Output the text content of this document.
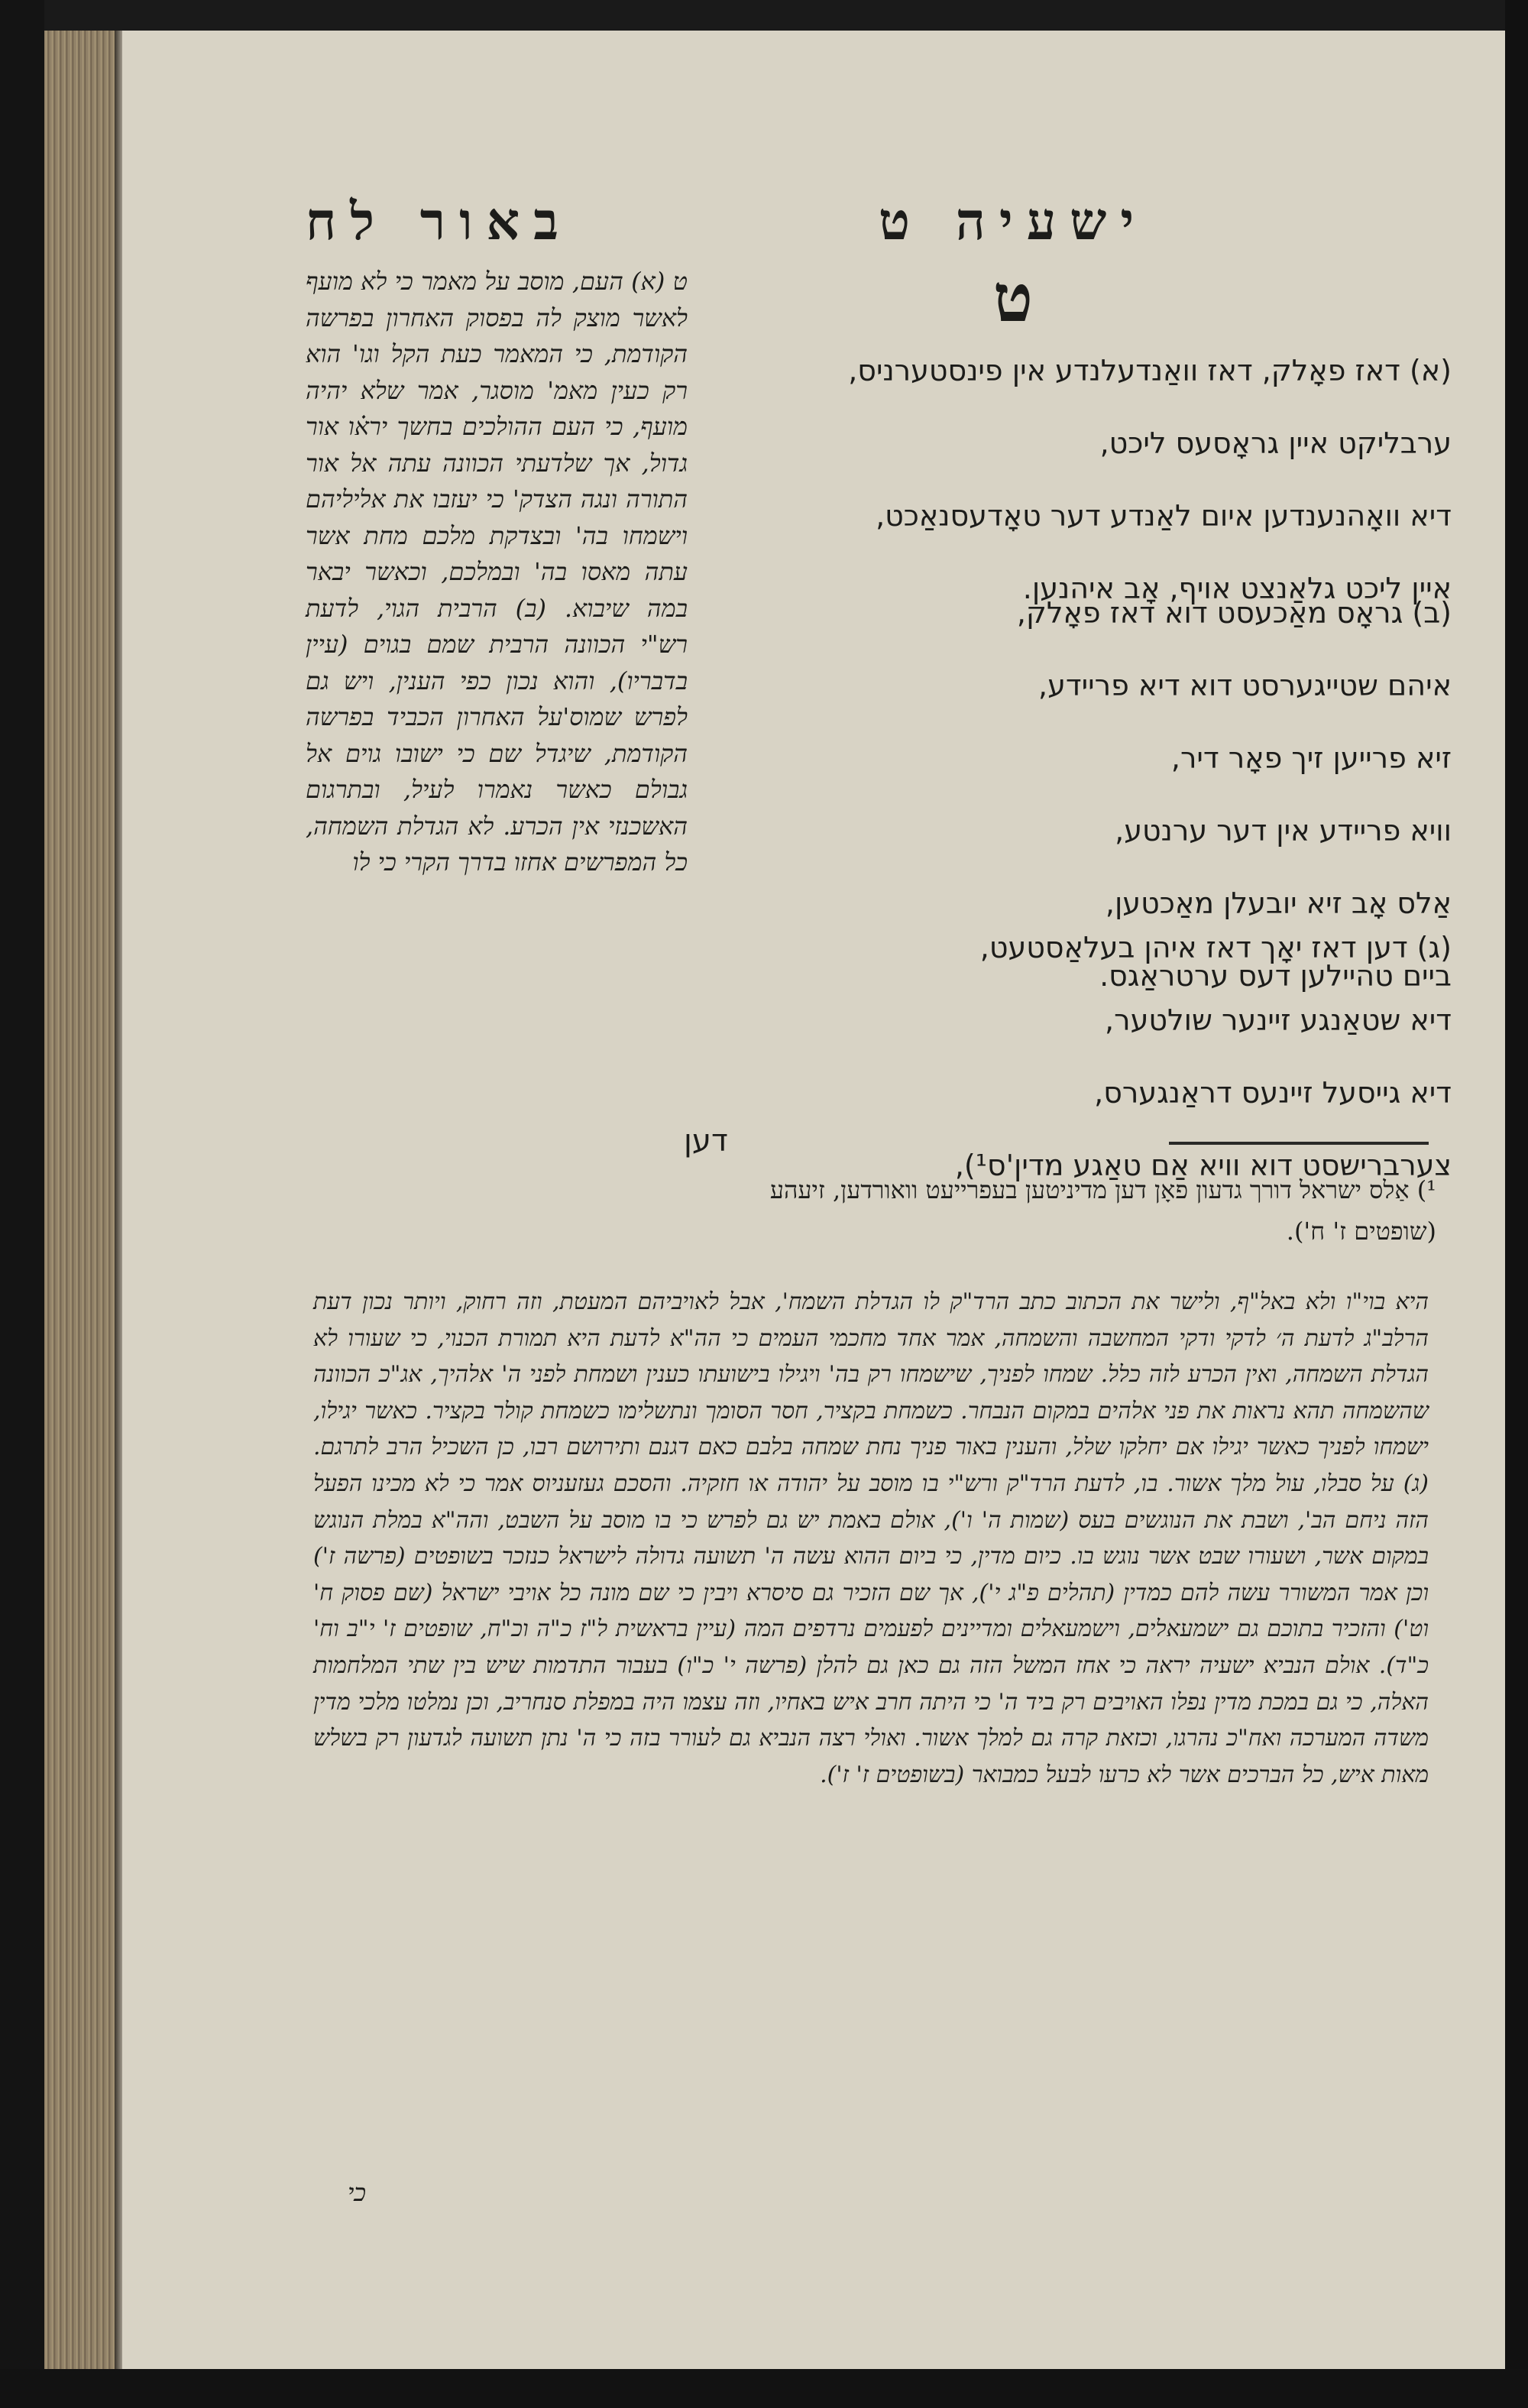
באור לח	ישעיה ט
ט
(א) דאז פאָלק, דאז וואַנדעלנדע אין פינסטערניס,
ערבליקט איין גראָסעס ליכט,
דיא וואָהנענדען איום לאַנדע דער טאָדעסנאַכט,
איין ליכט גלאַנצט אויף, אָב איהנען.
(ב) גראָס מאַכעסט דוא דאז פאָלק,
איהם שטייגערסט דוא דיא פריידע,
זיא פרייען זיך פאָר דיר,
וויא פריידע אין דער ערנטע,
אַלס אָב זיא יובעלן מאַכטען,
ביים טהיילען דעס ערטראַגס.
(ג) דען דאז יאָך דאז איהן בעלאַסטעט,
דיא שטאַנגע זיינער שולטער,
דיא גייסעל זיינעס דראַנגערס,
צערברישסט דוא וויא אַם טאַגע מדין'ס¹),
דען
¹) אַלס ישראל דורך גדעון פאָן דען מדיניטען בעפרייעט וואורדען, זיעהע (שופטים ז' ח').
ט (א) העם, מוסב על מאמר כי לא מועף לאשר מוצק לה בפסוק האחרון בפרשה הקודמת, כי המאמר כעת הקל וגו' הוא רק כעין מאמ' מוסגר, אמר שלא יהיה מועף, כי העם ההולכים בחשך ירא֗ו אור גדול, אך שלדעתי הכוונה עתה אל אור התורה ונגה הצדק' כי יעזבו את אליליהם וישמחו בה' ובצדקת מלכם מחת אשר עתה מאסו בה' ובמלכם, וכאשר יבאר במה שיבוא. (ב) הרבית הגוי, לדעת רש"י הכוונה הרבית שמם בגוים (עיין בדבריו), והוא נכון כפי הענין, ויש גם לפרש שמוס'על האחרון הכביד בפרשה הקודמת, שיגדל שם כי ישובו גוים אל גבולם כאשר נאמרו לעיל, ובתרגום האשכנזי אין הכרע. לא הגדלת השמחה, כל המפרשים אחזו בדרך הקרי כי לו
היא בוי"ו ולא באל"ף, ולישר את הכתוב כתב הרד"ק לו הגדלת השמח', אבל לאויביהם המעטת, וזה רחוק, ויותר נכון דעת הרלב"ג לדעת ה׳ לדקי ודקי המחשבה והשמחה, אמר אחד מחכמי העמים כי הה"א לדעת היא תמורת הכנוי, כי שעורו לא הגדלת השמחה, ואין הכרע לזה כלל. שמחו לפניך, שישמחו רק בה' ויגילו בישועתו כענין ושמחת לפני ה' אלהיך, אג"כ הכוונה שהשמחה תהא נראות את פני אלהים במקום הנבחר. כשמחת בקציר, חסר הסומך ונתשלימו כשמחת קולר בקציר. כאשר יגילו, ישמחו לפניך כאשר יגילו אם יחלקו שלל, והענין באור פניך נחת שמחה בלבם כאם דגנם ותירושם רבו, כן השכיל הרב לתרגם. (ג) על סבלו, עול מלך אשור. בו, לדעת הרד"ק ורש"י בו מוסב על יהודה או חזקיה. והסכם געזעניוס אמר כי לא מכינו הפעל הזה ניחם הב', ושבת את הנוגשים בעס (שמות ה' ו'), אולם באמת יש גם לפרש כי בו מוסב על השבט, והה"א במלת הנוגש במקום אשר, ושעורו שבט אשר נוגש בו. כיום מדין, כי ביום ההוא עשה ה' תשועה גדולה לישראל כנזכר בשופטים (פרשה ז') וכן אמר המשורר עשה להם כמדין (תהלים פ"ג י'), אך שם הזכיר גם סיסרא ויבין כי שם מונה כל אויבי ישראל (שם פסוק ח' וט') והזכיר בתוכם גם ישמעאלים, וישמעאלים ומדיינים לפעמים נרדפים המה (עיין בראשית ל"ז כ"ה וכ"ח, שופטים ז' י"ב וח' כ"ד). אולם הנביא ישעיה יראה כי אחז המשל הזה גם כאן גם להלן (פרשה י' כ"ו) בעבור התדמות שיש בין שתי המלחמות האלה, כי גם במכת מדין נפלו האויבים רק ביד ה' כי היתה חרב איש באחיו, וזה עצמו היה במפלת סנחריב, וכן נמלטו מלכי מדין משדה המערכה ואח"כ נהרגו, וכזאת קרה גם למלך אשור. ואולי רצה הנביא גם לעורר בזה כי ה' נתן תשועה לגדעון רק בשלש מאות איש, כל הברכים אשר לא כרעו לבעל כמבואר (בשופטים ז' ז').
כי
